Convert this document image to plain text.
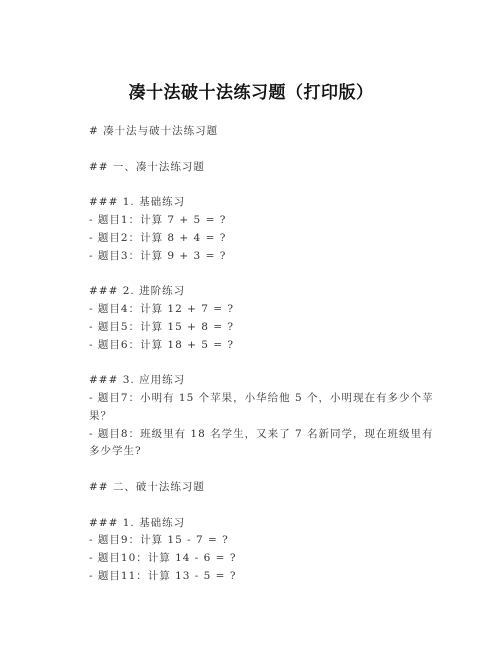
凑十法破十法练习题（打印版）
# 凑十法与破十法练习题
## 一、凑十法练习题
### 1. 基础练习
- 题目1：计算 7 + 5 = ?
- 题目2：计算 8 + 4 = ?
- 题目3：计算 9 + 3 = ?
### 2. 进阶练习
- 题目4：计算 12 + 7 = ?
- 题目5：计算 15 + 8 = ?
- 题目6：计算 18 + 5 = ?
### 3. 应用练习
- 题目7：小明有 15 个苹果，小华给他 5 个，小明现在有多少个苹果？
- 题目8：班级里有 18 名学生，又来了 7 名新同学，现在班级里有多少学生?
## 二、破十法练习题
### 1. 基础练习
- 题目9：计算 15 - 7 = ?
- 题目10：计算 14 - 6 = ?
- 题目11：计算 13 - 5 = ?
